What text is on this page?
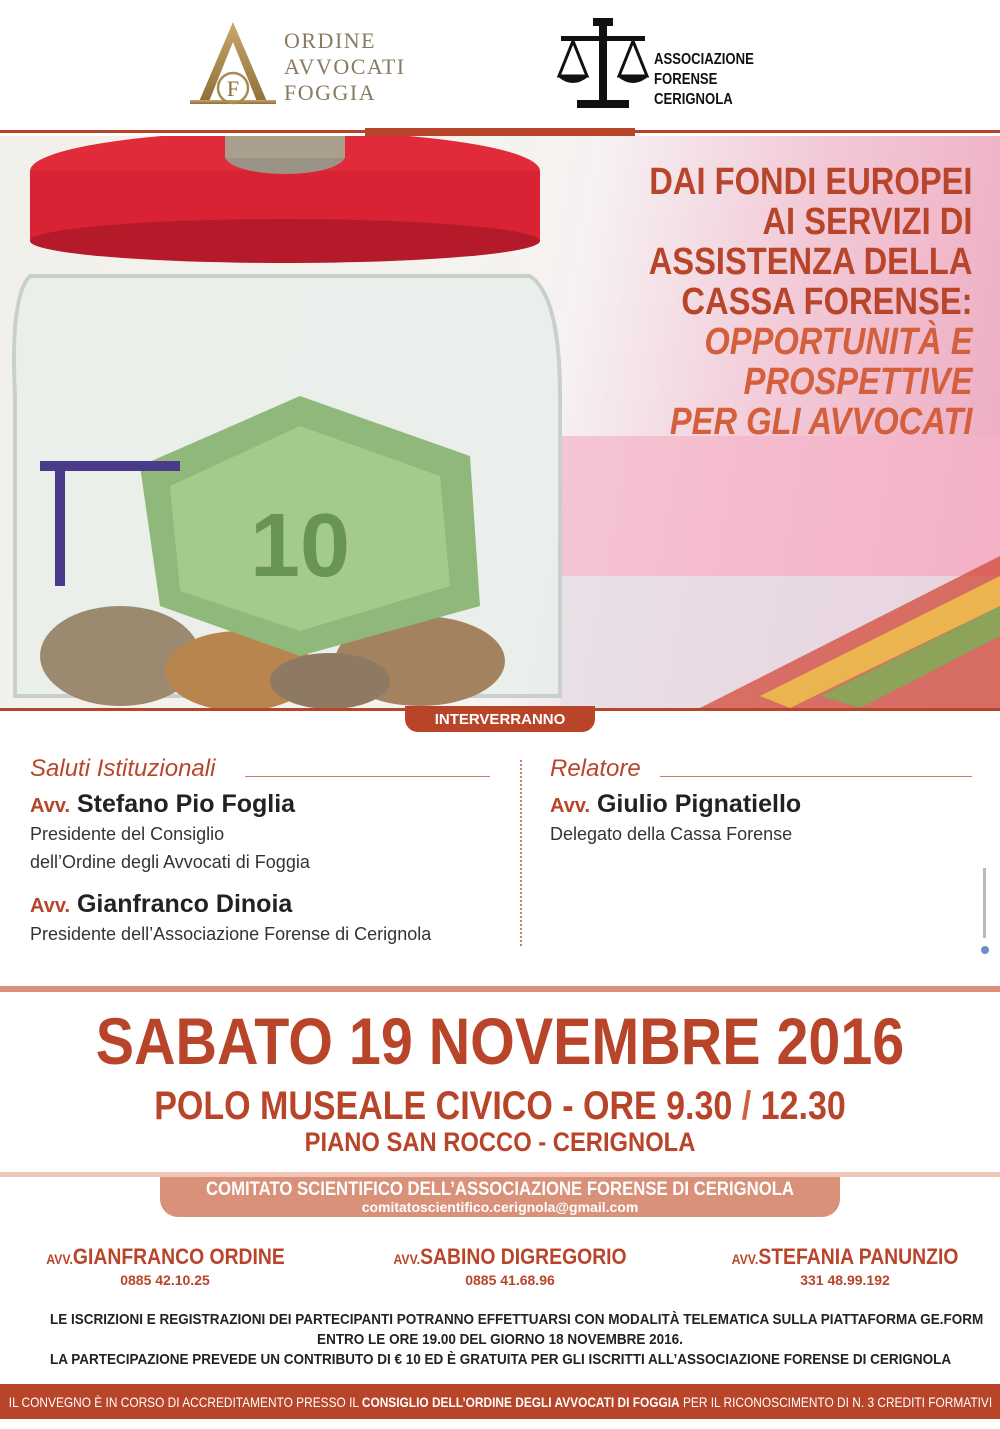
F
ORDINE
AVVOCATI
FOGGIA
ASSOCIAZIONE
FORENSE
CERIGNOLA
10
DAI FONDI EUROPEI
AI SERVIZI DI
ASSISTENZA DELLA
CASSA FORENSE:
OPPORTUNITÀ E
PROSPETTIVE
PER GLI AVVOCATI
INTERVERRANNO
Saluti Istituzionali
Avv. Stefano Pio Foglia
Presidente del Consiglio
dell’Ordine degli Avvocati di Foggia
Avv. Gianfranco Dinoia
Presidente dell’Associazione Forense di Cerignola
Relatore
Avv. Giulio Pignatiello
Delegato della Cassa Forense
SABATO 19 NOVEMBRE 2016
POLO MUSEALE CIVICO - ORE 9.30 / 12.30
PIANO SAN ROCCO - CERIGNOLA
COMITATO SCIENTIFICO DELL’ASSOCIAZIONE FORENSE DI CERIGNOLA
comitatoscientifico.cerignola@gmail.com
AVV.GIANFRANCO ORDINE
0885 42.10.25
AVV.SABINO DIGREGORIO
0885 41.68.96
AVV.STEFANIA PANUNZIO
331 48.99.192
LE ISCRIZIONI E REGISTRAZIONI DEI PARTECIPANTI POTRANNO EFFETTUARSI CON MODALITÀ TELEMATICA SULLA PIATTAFORMA GE.FORM
ENTRO LE ORE 19.00 DEL GIORNO 18 NOVEMBRE 2016.
LA PARTECIPAZIONE PREVEDE UN CONTRIBUTO DI € 10 ED È GRATUITA PER GLI ISCRITTI ALL’ASSOCIAZIONE FORENSE DI CERIGNOLA
IL CONVEGNO È IN CORSO DI ACCREDITAMENTO PRESSO IL CONSIGLIO DELL’ORDINE DEGLI AVVOCATI DI FOGGIA PER IL RICONOSCIMENTO DI N. 3 CREDITI FORMATIVI
